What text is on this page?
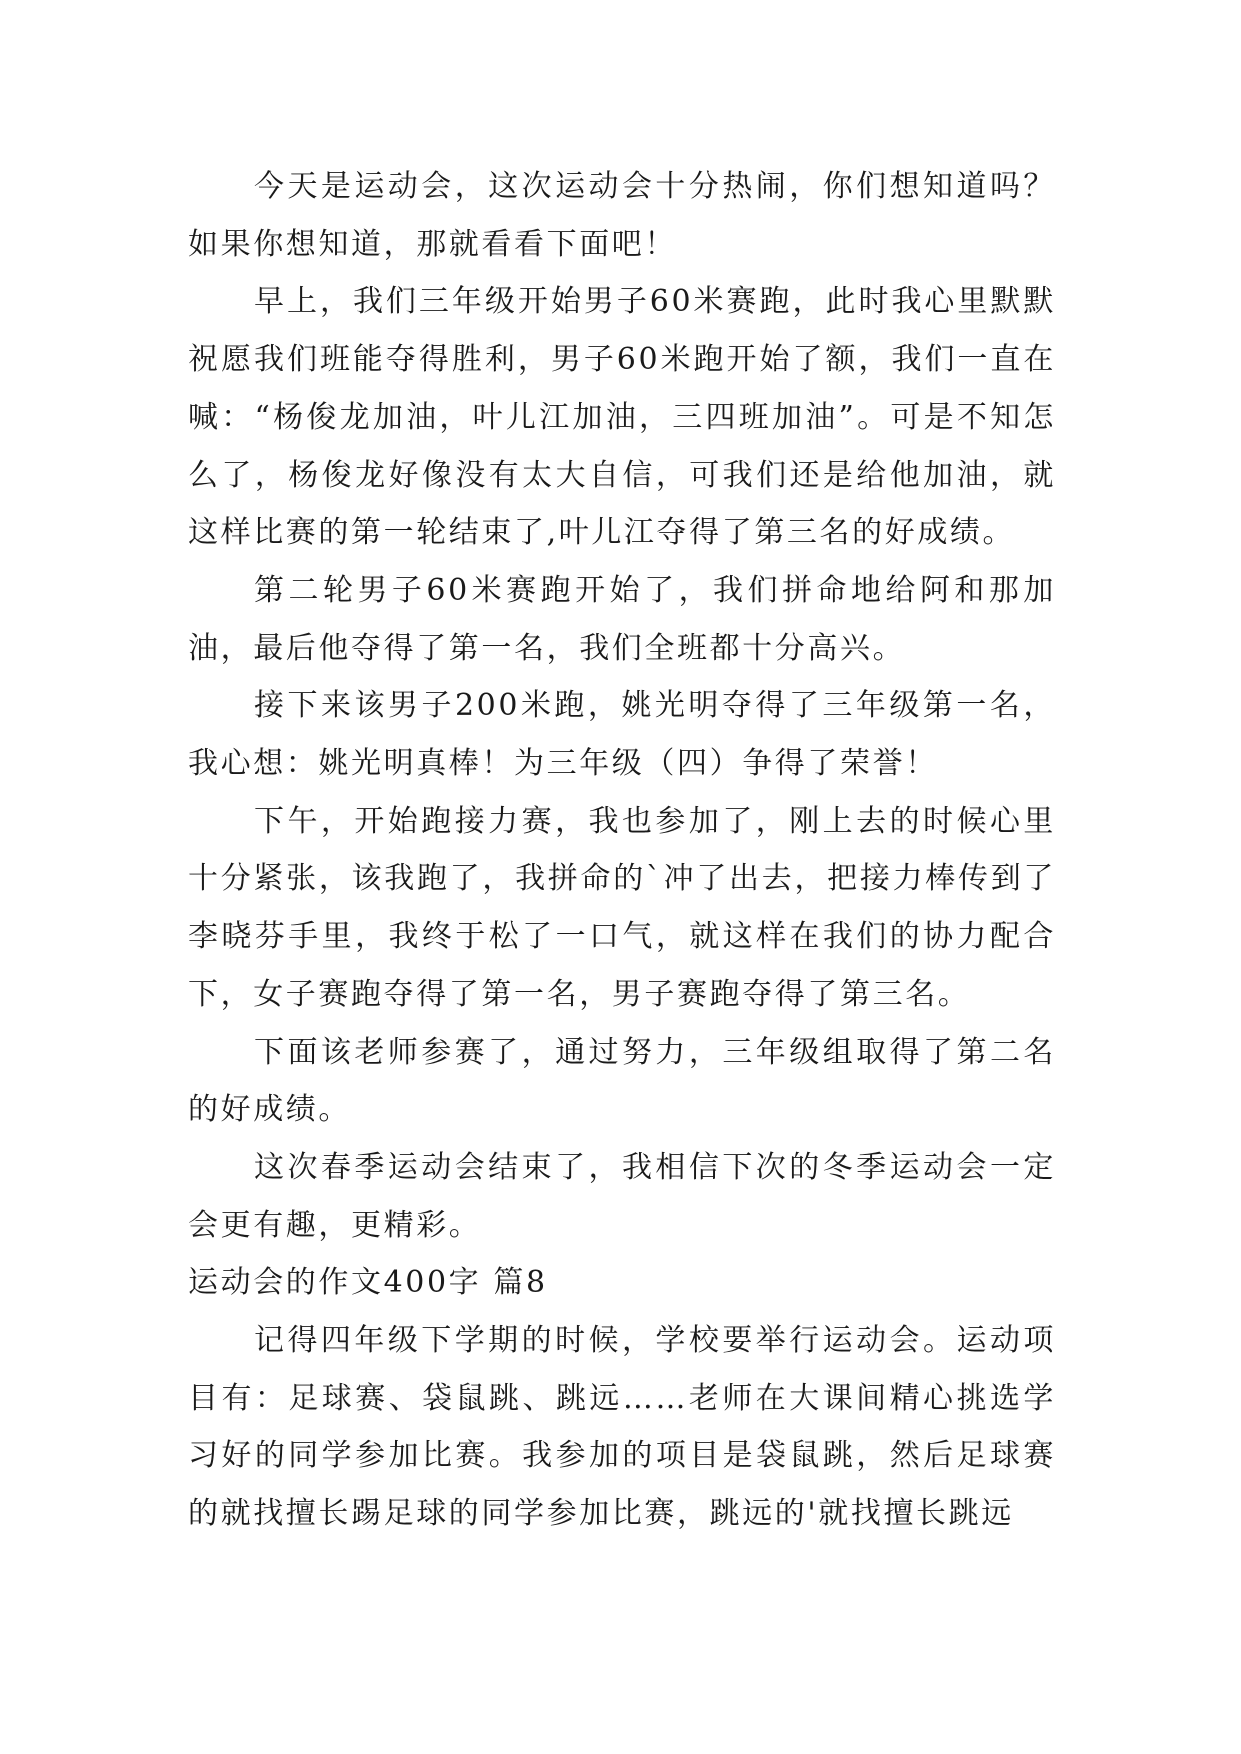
今天是运动会，这次运动会十分热闹，你们想知道吗？如果你想知道，那就看看下面吧！

早上，我们三年级开始男子60米赛跑，此时我心里默默祝愿我们班能夺得胜利，男子60米跑开始了额，我们一直在喊：“杨俊龙加油，叶儿江加油，三四班加油”。可是不知怎么了，杨俊龙好像没有太大自信，可我们还是给他加油，就这样比赛的第一轮结束了,叶儿江夺得了第三名的好成绩。

第二轮男子60米赛跑开始了，我们拼命地给阿和那加油，最后他夺得了第一名，我们全班都十分高兴。

接下来该男子200米跑，姚光明夺得了三年级第一名，我心想：姚光明真棒！为三年级（四）争得了荣誉！

下午，开始跑接力赛，我也参加了，刚上去的时候心里十分紧张，该我跑了，我拼命的`冲了出去，把接力棒传到了李晓芬手里，我终于松了一口气，就这样在我们的协力配合下，女子赛跑夺得了第一名，男子赛跑夺得了第三名。

下面该老师参赛了，通过努力，三年级组取得了第二名的好成绩。

这次春季运动会结束了，我相信下次的冬季运动会一定会更有趣，更精彩。

运动会的作文400字 篇8

记得四年级下学期的时候，学校要举行运动会。运动项目有：足球赛、袋鼠跳、跳远……老师在大课间精心挑选学习好的同学参加比赛。我参加的项目是袋鼠跳，然后足球赛的就找擅长踢足球的同学参加比赛，跳远的'就找擅长跳远
